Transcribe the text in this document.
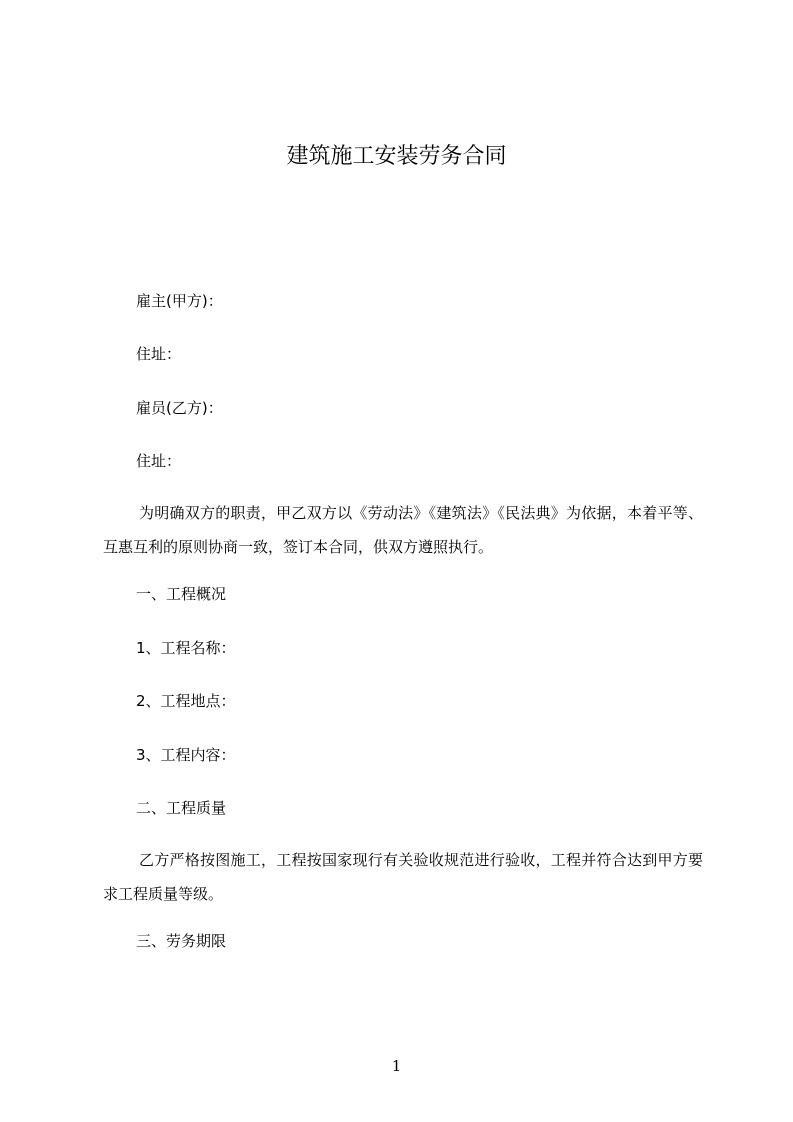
建筑施工安装劳务合同
雇主(甲方)：
住址：
雇员(乙方)：
住址：

为明确双方的职责，甲乙双方以《劳动法》《建筑法》《民法典》为依据，本着平等、互惠互利的原则协商一致，签订本合同，供双方遵照执行。

一、工程概况
1、工程名称：
2、工程地点：
3、工程内容：
二、工程质量

乙方严格按图施工，工程按国家现行有关验收规范进行验收，工程并符合达到甲方要求工程质量等级。

三、劳务期限
1
